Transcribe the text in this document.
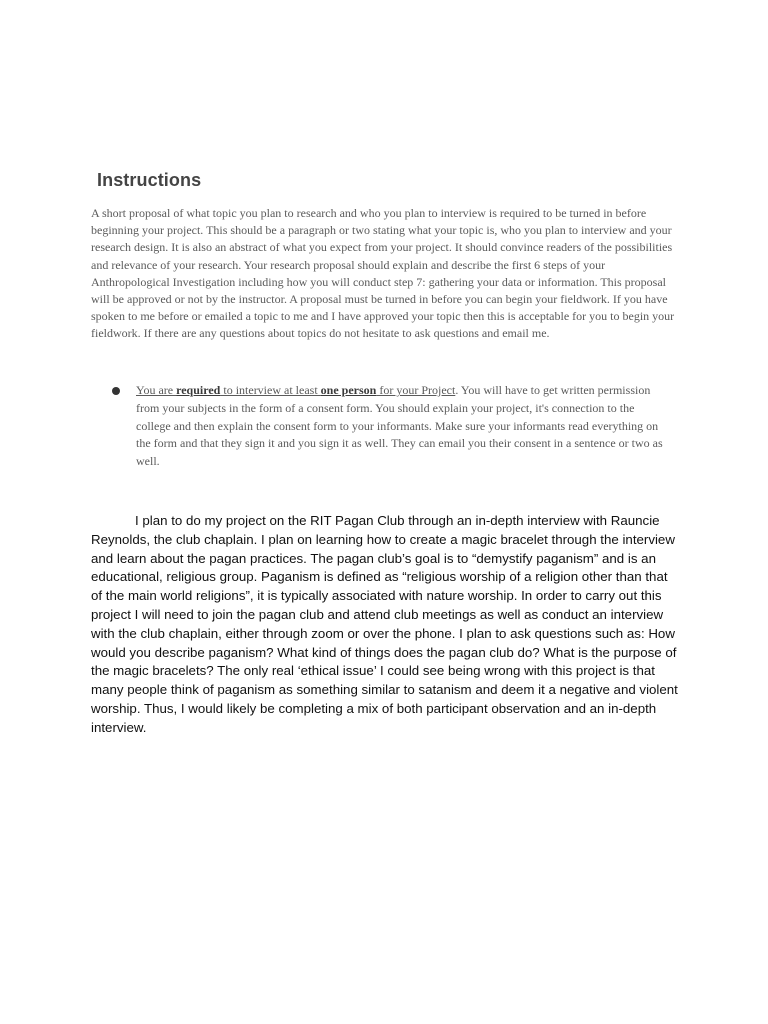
Instructions

A short proposal of what topic you plan to research and who you plan to interview is required to be turned in before beginning your project. This should be a paragraph or two stating what your topic is, who you plan to interview and your research design. It is also an abstract of what you expect from your project. It should convince readers of the possibilities and relevance of your research. Your research proposal should explain and describe the first 6 steps of your Anthropological Investigation including how you will conduct step 7: gathering your data or information. This proposal will be approved or not by the instructor. A proposal must be turned in before you can begin your fieldwork. If you have spoken to me before or emailed a topic to me and I have approved your topic then this is acceptable for you to begin your fieldwork. If there are any questions about topics do not hesitate to ask questions and email me.

You are required to interview at least one person for your Project. You will have to get written permission from your subjects in the form of a consent form. You should explain your project, it's connection to the college and then explain the consent form to your informants. Make sure your informants read everything on the form and that they sign it and you sign it as well. They can email you their consent in a sentence or two as well.

I plan to do my project on the RIT Pagan Club through an in-depth interview with Rauncie Reynolds, the club chaplain. I plan on learning how to create a magic bracelet through the interview and learn about the pagan practices. The pagan club’s goal is to “demystify paganism” and is an educational, religious group. Paganism is defined as “religious worship of a religion other than that of the main world religions”, it is typically associated with nature worship. In order to carry out this project I will need to join the pagan club and attend club meetings as well as conduct an interview with the club chaplain, either through zoom or over the phone. I plan to ask questions such as: How would you describe paganism? What kind of things does the pagan club do? What is the purpose of the magic bracelets? The only real ‘ethical issue’ I could see being wrong with this project is that many people think of paganism as something similar to satanism and deem it a negative and violent worship. Thus, I would likely be completing a mix of both participant observation and an in-depth interview.
